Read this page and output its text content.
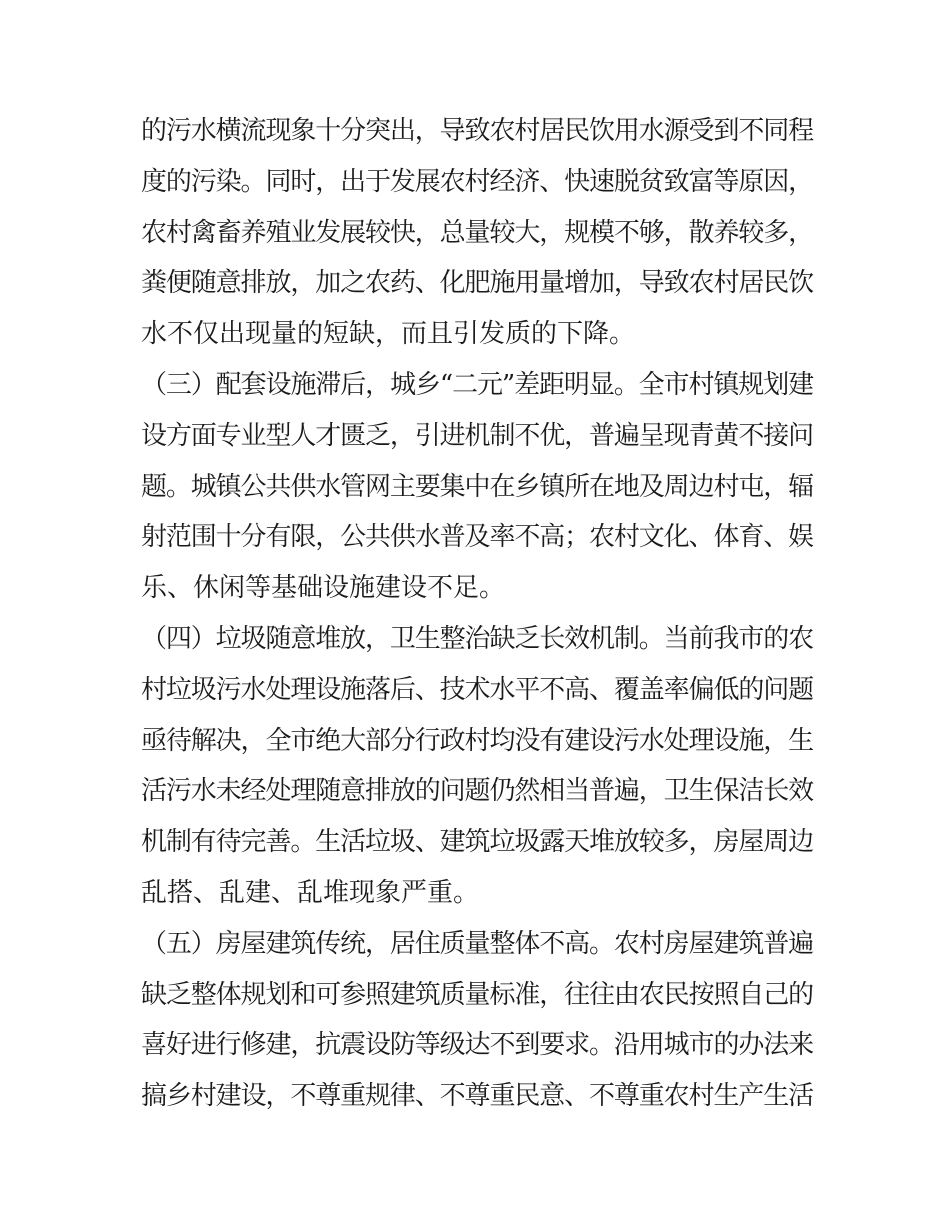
的污水横流现象十分突出，导致农村居民饮用水源受到不同程
度的污染。同时，出于发展农村经济、快速脱贫致富等原因，
农村禽畜养殖业发展较快，总量较大，规模不够，散养较多，
粪便随意排放，加之农药、化肥施用量增加，导致农村居民饮
水不仅出现量的短缺，而且引发质的下降。
（三）配套设施滞后，城乡“二元”差距明显。全市村镇规划建
设方面专业型人才匮乏，引进机制不优，普遍呈现青黄不接问
题。城镇公共供水管网主要集中在乡镇所在地及周边村屯，辐
射范围十分有限，公共供水普及率不高；农村文化、体育、娱
乐、休闲等基础设施建设不足。
（四）垃圾随意堆放，卫生整治缺乏长效机制。当前我市的农
村垃圾污水处理设施落后、技术水平不高、覆盖率偏低的问题
亟待解决，全市绝大部分行政村均没有建设污水处理设施，生
活污水未经处理随意排放的问题仍然相当普遍，卫生保洁长效
机制有待完善。生活垃圾、建筑垃圾露天堆放较多，房屋周边
乱搭、乱建、乱堆现象严重。
（五）房屋建筑传统，居住质量整体不高。农村房屋建筑普遍
缺乏整体规划和可参照建筑质量标准，往往由农民按照自己的
喜好进行修建，抗震设防等级达不到要求。沿用城市的办法来
搞乡村建设，不尊重规律、不尊重民意、不尊重农村生产生活
